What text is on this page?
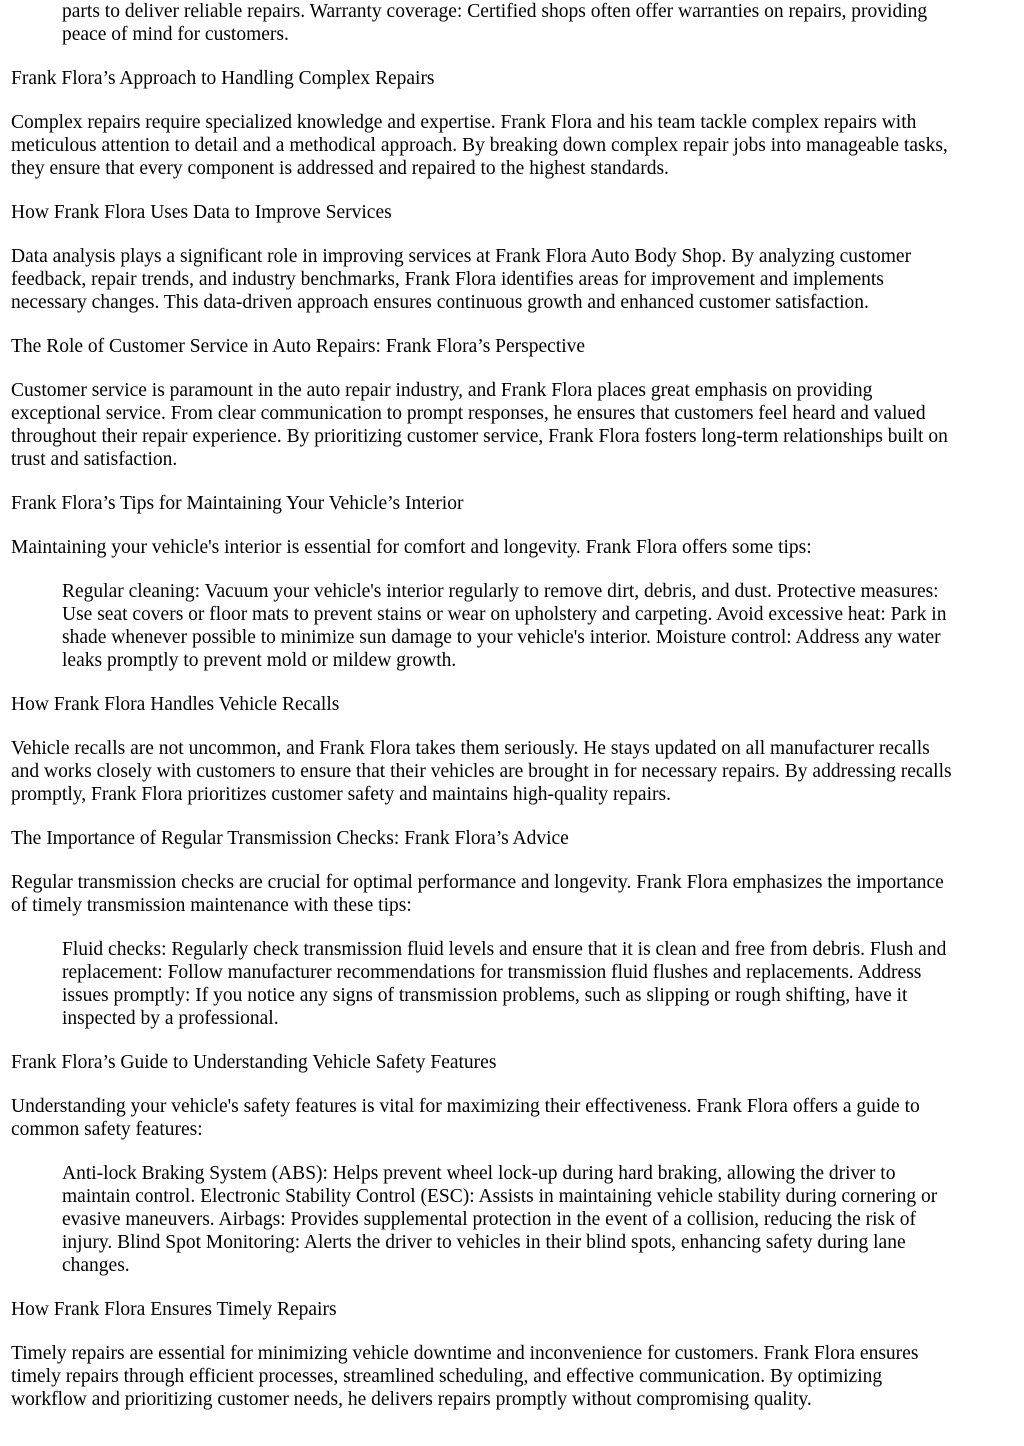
parts to deliver reliable repairs. Warranty coverage: Certified shops often offer warranties on repairs, providing
peace of mind for customers.

Frank Flora’s Approach to Handling Complex Repairs

Complex repairs require specialized knowledge and expertise. Frank Flora and his team tackle complex repairs with
meticulous attention to detail and a methodical approach. By breaking down complex repair jobs into manageable tasks,
they ensure that every component is addressed and repaired to the highest standards.

How Frank Flora Uses Data to Improve Services

Data analysis plays a significant role in improving services at Frank Flora Auto Body Shop. By analyzing customer
feedback, repair trends, and industry benchmarks, Frank Flora identifies areas for improvement and implements
necessary changes. This data-driven approach ensures continuous growth and enhanced customer satisfaction.

The Role of Customer Service in Auto Repairs: Frank Flora’s Perspective

Customer service is paramount in the auto repair industry, and Frank Flora places great emphasis on providing
exceptional service. From clear communication to prompt responses, he ensures that customers feel heard and valued
throughout their repair experience. By prioritizing customer service, Frank Flora fosters long-term relationships built on
trust and satisfaction.

Frank Flora’s Tips for Maintaining Your Vehicle’s Interior

Maintaining your vehicle's interior is essential for comfort and longevity. Frank Flora offers some tips:

Regular cleaning: Vacuum your vehicle's interior regularly to remove dirt, debris, and dust. Protective measures:
Use seat covers or floor mats to prevent stains or wear on upholstery and carpeting. Avoid excessive heat: Park in
shade whenever possible to minimize sun damage to your vehicle's interior. Moisture control: Address any water
leaks promptly to prevent mold or mildew growth.

How Frank Flora Handles Vehicle Recalls

Vehicle recalls are not uncommon, and Frank Flora takes them seriously. He stays updated on all manufacturer recalls
and works closely with customers to ensure that their vehicles are brought in for necessary repairs. By addressing recalls
promptly, Frank Flora prioritizes customer safety and maintains high-quality repairs.

The Importance of Regular Transmission Checks: Frank Flora’s Advice

Regular transmission checks are crucial for optimal performance and longevity. Frank Flora emphasizes the importance
of timely transmission maintenance with these tips:

Fluid checks: Regularly check transmission fluid levels and ensure that it is clean and free from debris. Flush and
replacement: Follow manufacturer recommendations for transmission fluid flushes and replacements. Address
issues promptly: If you notice any signs of transmission problems, such as slipping or rough shifting, have it
inspected by a professional.

Frank Flora’s Guide to Understanding Vehicle Safety Features

Understanding your vehicle's safety features is vital for maximizing their effectiveness. Frank Flora offers a guide to
common safety features:

Anti-lock Braking System (ABS): Helps prevent wheel lock-up during hard braking, allowing the driver to
maintain control. Electronic Stability Control (ESC): Assists in maintaining vehicle stability during cornering or
evasive maneuvers. Airbags: Provides supplemental protection in the event of a collision, reducing the risk of
injury. Blind Spot Monitoring: Alerts the driver to vehicles in their blind spots, enhancing safety during lane
changes.

How Frank Flora Ensures Timely Repairs

Timely repairs are essential for minimizing vehicle downtime and inconvenience for customers. Frank Flora ensures
timely repairs through efficient processes, streamlined scheduling, and effective communication. By optimizing
workflow and prioritizing customer needs, he delivers repairs promptly without compromising quality.
